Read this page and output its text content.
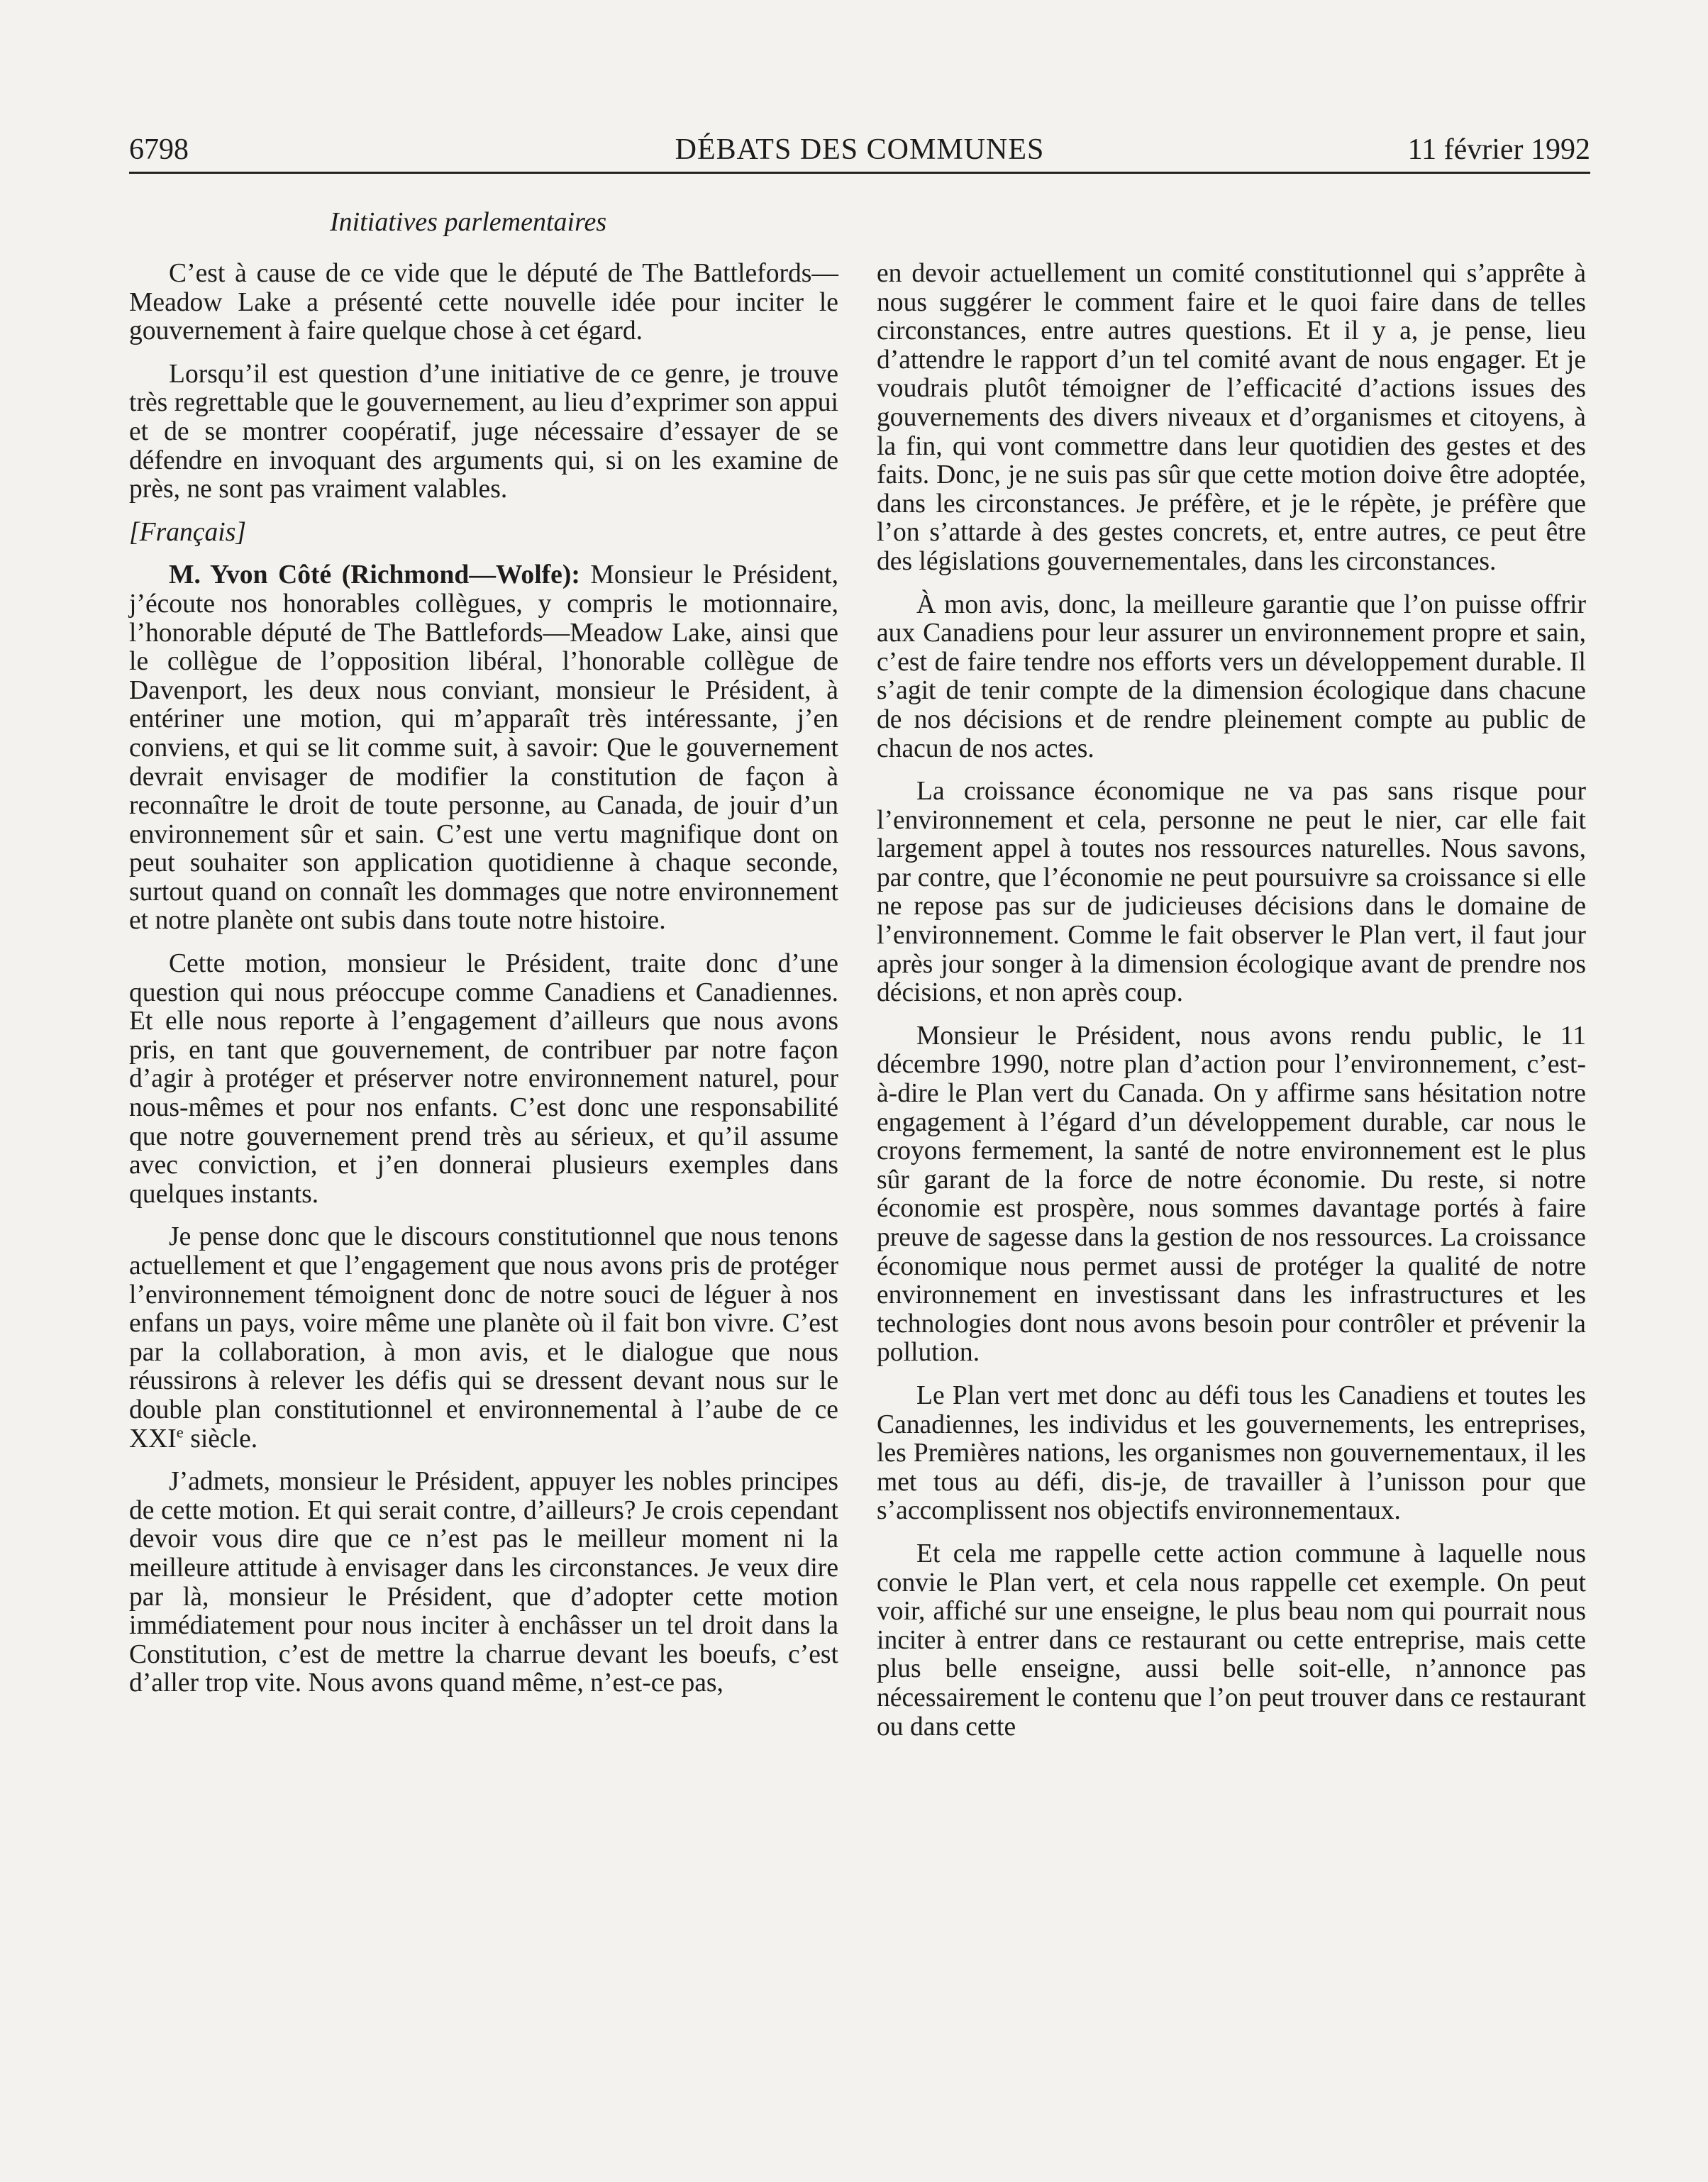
DÉBATS DES COMMUNES
6798	11 février 1992
Initiatives parlementaires

C’est à cause de ce vide que le député de The Battlefords—Meadow Lake a présenté cette nouvelle idée pour inciter le gouvernement à faire quelque chose à cet égard.

Lorsqu’il est question d’une initiative de ce genre, je trouve très regrettable que le gouvernement, au lieu d’exprimer son appui et de se montrer coopératif, juge nécessaire d’essayer de se défendre en invoquant des arguments qui, si on les examine de près, ne sont pas vraiment valables.

[Français]

M. Yvon Côté (Richmond—Wolfe): Monsieur le Président, j’écoute nos honorables collègues, y compris le motionnaire, l’honorable député de The Battlefords—Meadow Lake, ainsi que le collègue de l’opposition libéral, l’honorable collègue de Davenport, les deux nous conviant, monsieur le Président, à entériner une motion, qui m’apparaît très intéressante, j’en conviens, et qui se lit comme suit, à savoir: Que le gouvernement devrait envisager de modifier la constitution de façon à reconnaître le droit de toute personne, au Canada, de jouir d’un environnement sûr et sain. C’est une vertu magnifique dont on peut souhaiter son application quotidienne à chaque seconde, surtout quand on connaît les dommages que notre environnement et notre planète ont subis dans toute notre histoire.

Cette motion, monsieur le Président, traite donc d’une question qui nous préoccupe comme Canadiens et Canadiennes. Et elle nous reporte à l’engagement d’ailleurs que nous avons pris, en tant que gouvernement, de contribuer par notre façon d’agir à protéger et préserver notre environnement naturel, pour nous-mêmes et pour nos enfants. C’est donc une responsabilité que notre gouvernement prend très au sérieux, et qu’il assume avec conviction, et j’en donnerai plusieurs exemples dans quelques instants.

Je pense donc que le discours constitutionnel que nous tenons actuellement et que l’engagement que nous avons pris de protéger l’environnement témoignent donc de notre souci de léguer à nos enfans un pays, voire même une planète où il fait bon vivre. C’est par la collaboration, à mon avis, et le dialogue que nous réussirons à relever les défis qui se dressent devant nous sur le double plan constitutionnel et environnemental à l’aube de ce XXIe siècle.

J’admets, monsieur le Président, appuyer les nobles principes de cette motion. Et qui serait contre, d’ailleurs? Je crois cependant devoir vous dire que ce n’est pas le meilleur moment ni la meilleure attitude à envisager dans les circonstances. Je veux dire par là, monsieur le Président, que d’adopter cette motion immédiatement pour nous inciter à enchâsser un tel droit dans la Constitution, c’est de mettre la charrue devant les boeufs, c’est d’aller trop vite. Nous avons quand même, n’est-ce pas,

en devoir actuellement un comité constitutionnel qui s’apprête à nous suggérer le comment faire et le quoi faire dans de telles circonstances, entre autres questions. Et il y a, je pense, lieu d’attendre le rapport d’un tel comité avant de nous engager. Et je voudrais plutôt témoigner de l’efficacité d’actions issues des gouvernements des divers niveaux et d’organismes et citoyens, à la fin, qui vont commettre dans leur quotidien des gestes et des faits. Donc, je ne suis pas sûr que cette motion doive être adoptée, dans les circonstances. Je préfère, et je le répète, je préfère que l’on s’attarde à des gestes concrets, et, entre autres, ce peut être des législations gouvernementales, dans les circonstances.

À mon avis, donc, la meilleure garantie que l’on puisse offrir aux Canadiens pour leur assurer un environnement propre et sain, c’est de faire tendre nos efforts vers un développement durable. Il s’agit de tenir compte de la dimension écologique dans chacune de nos décisions et de rendre pleinement compte au public de chacun de nos actes.

La croissance économique ne va pas sans risque pour l’environnement et cela, personne ne peut le nier, car elle fait largement appel à toutes nos ressources naturelles. Nous savons, par contre, que l’économie ne peut poursuivre sa croissance si elle ne repose pas sur de judicieuses décisions dans le domaine de l’environnement. Comme le fait observer le Plan vert, il faut jour après jour songer à la dimension écologique avant de prendre nos décisions, et non après coup.

Monsieur le Président, nous avons rendu public, le 11 décembre 1990, notre plan d’action pour l’environnement, c’est-à-dire le Plan vert du Canada. On y affirme sans hésitation notre engagement à l’égard d’un développement durable, car nous le croyons fermement, la santé de notre environnement est le plus sûr garant de la force de notre économie. Du reste, si notre économie est prospère, nous sommes davantage portés à faire preuve de sagesse dans la gestion de nos ressources. La croissance économique nous permet aussi de protéger la qualité de notre environnement en investissant dans les infrastructures et les technologies dont nous avons besoin pour contrôler et prévenir la pollution.

Le Plan vert met donc au défi tous les Canadiens et toutes les Canadiennes, les individus et les gouvernements, les entreprises, les Premières nations, les organismes non gouvernementaux, il les met tous au défi, dis-je, de travailler à l’unisson pour que s’accomplissent nos objectifs environnementaux.

Et cela me rappelle cette action commune à laquelle nous convie le Plan vert, et cela nous rappelle cet exemple. On peut voir, affiché sur une enseigne, le plus beau nom qui pourrait nous inciter à entrer dans ce restaurant ou cette entreprise, mais cette plus belle enseigne, aussi belle soit-elle, n’annonce pas nécessairement le contenu que l’on peut trouver dans ce restaurant ou dans cette
